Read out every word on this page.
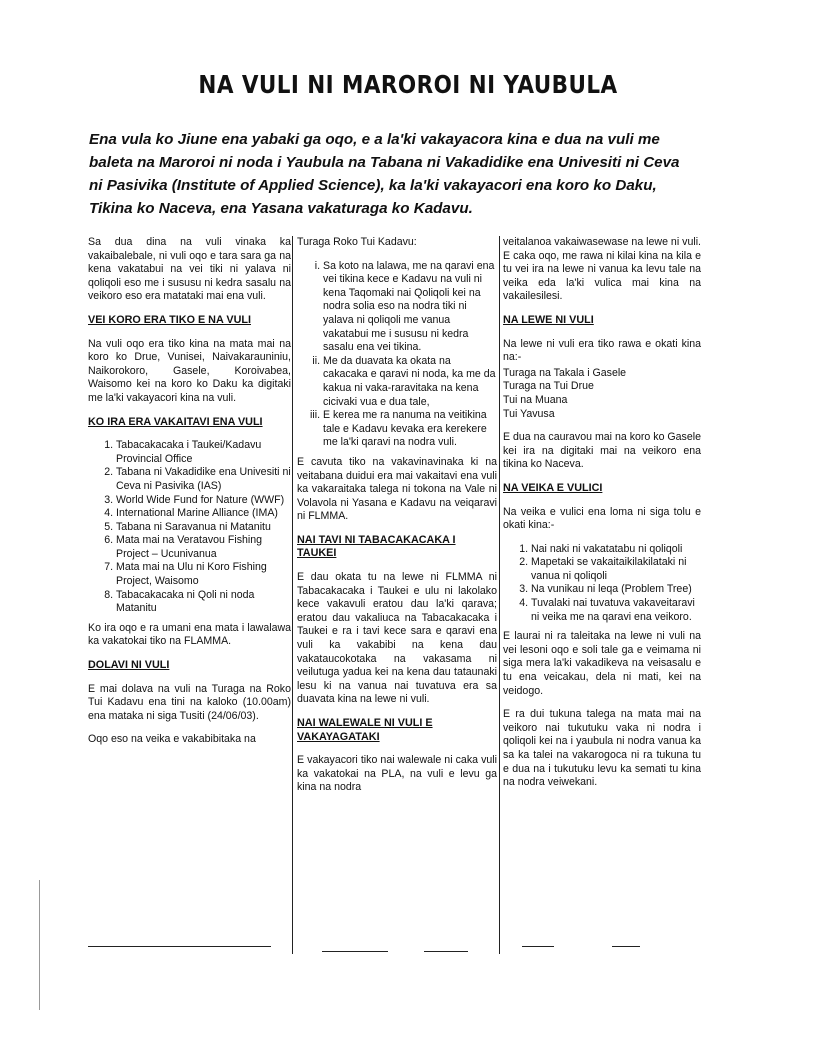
NA VULI NI MAROROI NI YAUBULA

Ena vula ko Jiune ena yabaki ga oqo, e a la'ki vakayacora kina e dua na vuli me baleta na Maroroi ni noda i Yaubula na Tabana ni Vakadidike ena Univesiti ni Ceva ni Pasivika (Institute of Applied Science), ka la'ki vakayacori ena koro ko Daku, Tikina ko Naceva, ena Yasana vakaturaga ko Kadavu.

Sa dua dina na vuli vinaka ka vakaibalebale, ni vuli oqo e tara sara ga na kena vakatabui na vei tiki ni yalava ni qoliqoli eso me i sususu ni kedra sasalu na veikoro eso era matataki mai ena vuli.

VEI KORO ERA TIKO E NA VULI

Na vuli oqo era tiko kina na mata mai na koro ko Drue, Vunisei, Naivakarauniniu, Naikorokoro, Gasele, Koroivabea, Waisomo kei na koro ko Daku ka digitaki me la'ki vakayacori kina na vuli.

KO IRA ERA VAKAITAVI ENA VULI
1. Tabacakacaka i Taukei/Kadavu Provincial Office
2. Tabana ni Vakadidike ena Univesiti ni Ceva ni Pasivika (IAS)
3. World Wide Fund for Nature (WWF)
4. International Marine Alliance (IMA)
5. Tabana ni Saravanua ni Matanitu
6. Mata mai na Veratavou Fishing Project – Ucunivanua
7. Mata mai na Ulu ni Koro Fishing Project, Waisomo
8. Tabacakacaka ni Qoli ni noda Matanitu

Ko ira oqo e ra umani ena mata i lawalawa ka vakatokai tiko na FLAMMA.

DOLAVI NI VULI

E mai dolava na vuli na Turaga na Roko Tui Kadavu ena tini na kaloko (10.00am) ena mataka ni siga Tusiti (24/06/03).

Oqo eso na veika e vakabibitaka na

Turaga Roko Tui Kadavu:

i. Sa koto na lalawa, me na qaravi ena vei tikina kece e Kadavu na vuli ni kena Taqomaki nai Qoliqoli kei na nodra solia eso na nodra tiki ni yalava ni qoliqoli me vanua vakatabui me i sususu ni kedra sasalu ena vei tikina.
ii. Me da duavata ka okata na cakacaka e qaravi ni noda, ka me da kakua ni vaka-raravitaka na kena cicivaki vua e dua tale,
iii. E kerea me ra nanuma na veitikina tale e Kadavu kevaka era kerekere me la'ki qaravi na nodra vuli.

E cavuta tiko na vakavinavinaka ki na veitabana duidui era mai vakaitavi ena vuli ka vakaraitaka talega ni tokona na Vale ni Volavola ni Yasana e Kadavu na veiqaravi ni FLMMA.

NAI TAVI NI TABACAKACAKA I TAUKEI

E dau okata tu na lewe ni FLMMA ni Tabacakacaka i Taukei e ulu ni lakolako kece vakavuli eratou dau la'ki qarava; eratou dau vakaliuca na Tabacakacaka i Taukei e ra i tavi kece sara e qaravi ena vuli ka vakabibi na kena dau vakataucokotaka na vakasama ni veilutuga yadua kei na kena dau tataunaki lesu ki na vanua nai tuvatuva era sa duavata kina na lewe ni vuli.

NAI WALEWALE NI VULI E VAKAYAGATAKI

E vakayacori tiko nai walewale ni caka vuli ka vakatokai na PLA, na vuli e levu ga kina na nodra

veitalanoa vakaiwasewase na lewe ni vuli. E caka oqo, me rawa ni kilai kina na kila e tu vei ira na lewe ni vanua ka levu tale na veika eda la'ki vulica mai kina na vakailesilesi.

NA LEWE NI VULI

Na lewe ni vuli era tiko rawa e okati kina na:-

Turaga na Takala i Gasele
Turaga na Tui Drue
Tui na Muana
Tui Yavusa

E dua na cauravou mai na koro ko Gasele kei ira na digitaki mai na veikoro ena tikina ko Naceva.

NA VEIKA E VULICI

Na veika e vulici ena loma ni siga tolu e okati kina:-

1. Nai naki ni vakatatabu ni qoliqoli
2. Mapetaki se vakaitaikilakilataki ni vanua ni qoliqoli
3. Na vunikau ni leqa (Problem Tree)
4. Tuvalaki nai tuvatuva vakaveitaravi ni veika me na qaravi ena veikoro.

E laurai ni ra taleitaka na lewe ni vuli na vei lesoni oqo e soli tale ga e veimama ni siga mera la'ki vakadikeva na veisasalu e tu ena veicakau, dela ni mati, kei na veidogo.

E ra dui tukuna talega na mata mai na veikoro nai tukutuku vaka ni nodra i qoliqoli kei na i yaubula ni nodra vanua ka sa ka talei na vakarogoca ni ra tukuna tu e dua na i tukutuku levu ka semati tu kina na nodra veiwekani.
